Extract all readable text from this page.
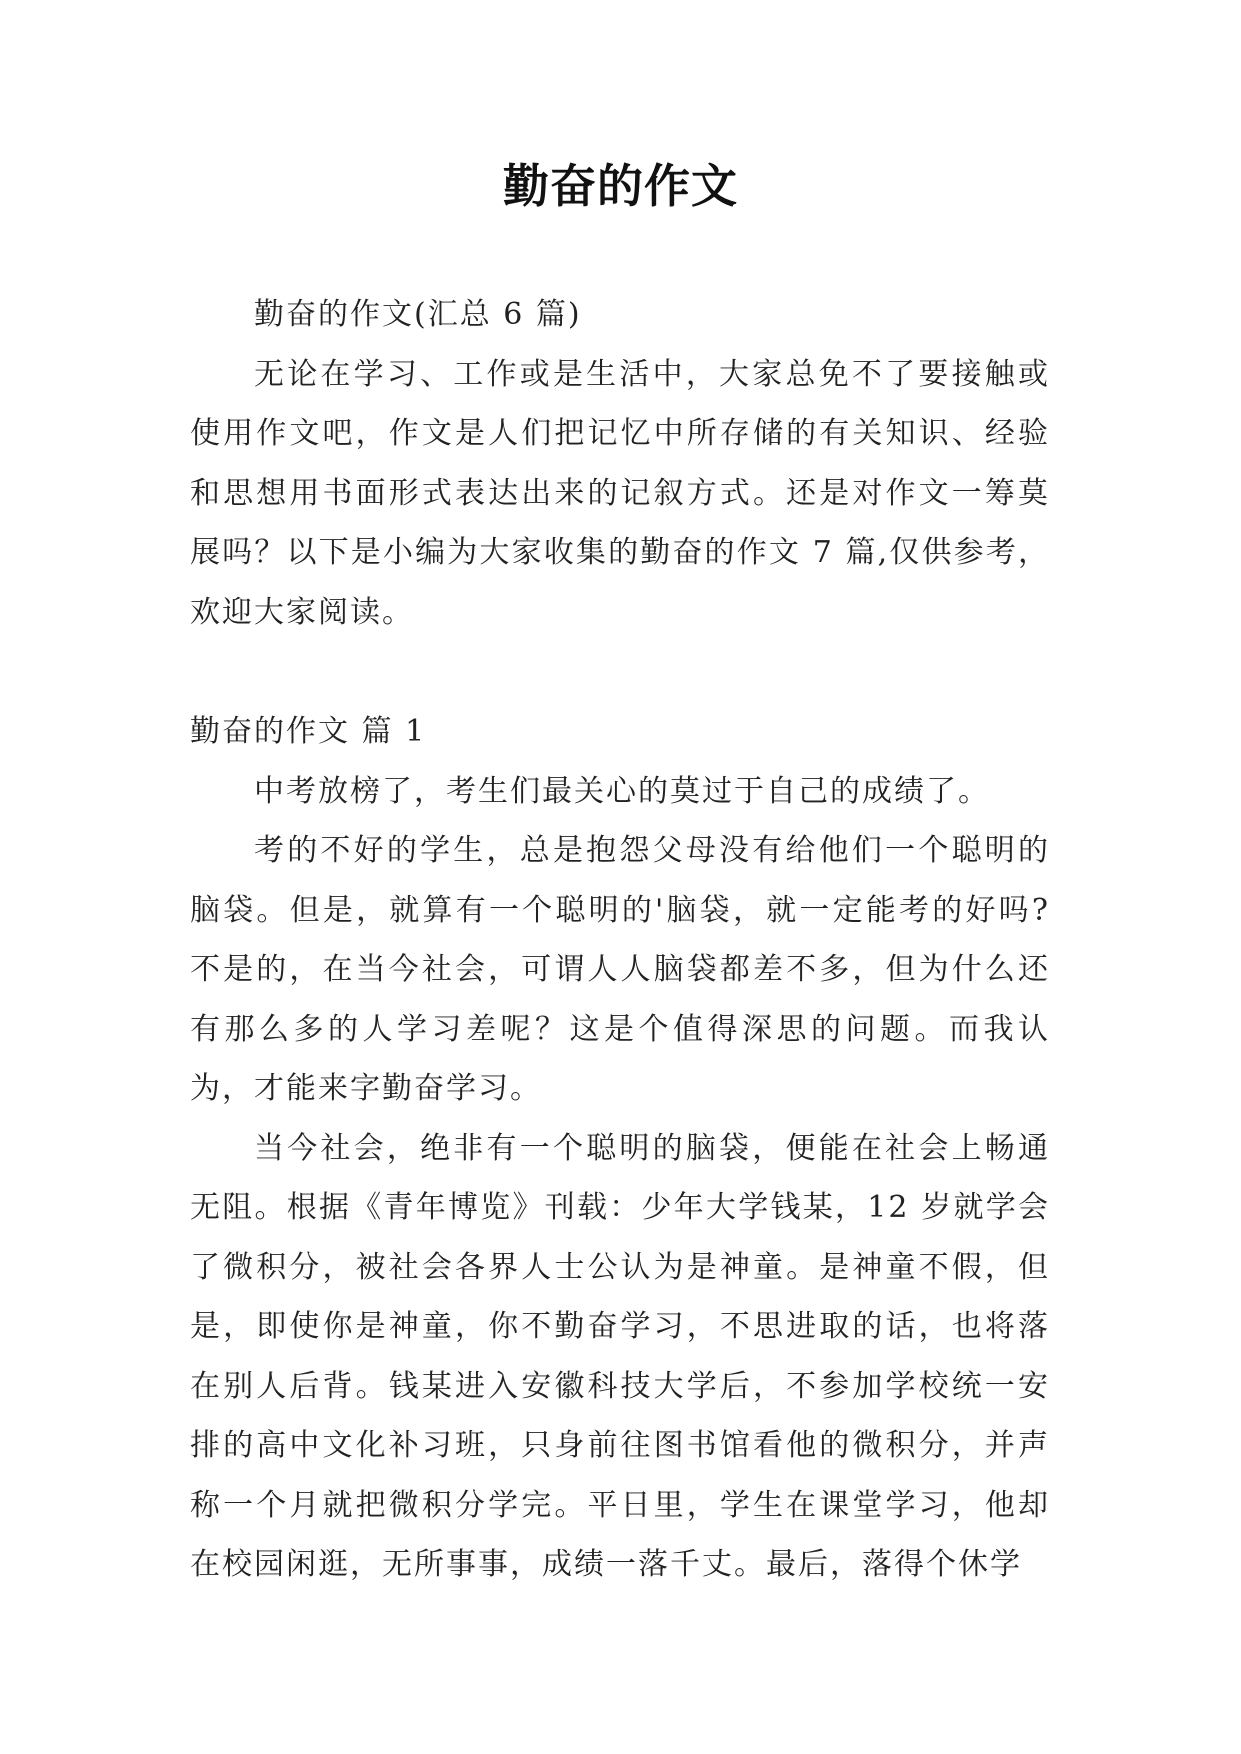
勤奋的作文

勤奋的作文(汇总 6 篇)

无论在学习、工作或是生活中，大家总免不了要接触或使用作文吧，作文是人们把记忆中所存储的有关知识、经验和思想用书面形式表达出来的记叙方式。还是对作文一筹莫展吗？以下是小编为大家收集的勤奋的作文 7 篇,仅供参考，欢迎大家阅读。

勤奋的作文 篇 1

中考放榜了，考生们最关心的莫过于自己的成绩了。

考的不好的学生，总是抱怨父母没有给他们一个聪明的脑袋。但是，就算有一个聪明的'脑袋，就一定能考的好吗?不是的，在当今社会，可谓人人脑袋都差不多，但为什么还有那么多的人学习差呢？这是个值得深思的问题。而我认为，才能来字勤奋学习。

当今社会，绝非有一个聪明的脑袋，便能在社会上畅通无阻。根据《青年博览》刊载：少年大学钱某，12 岁就学会了微积分，被社会各界人士公认为是神童。是神童不假，但是，即使你是神童，你不勤奋学习，不思进取的话，也将落在别人后背。钱某进入安徽科技大学后，不参加学校统一安排的高中文化补习班，只身前往图书馆看他的微积分，并声称一个月就把微积分学完。平日里，学生在课堂学习，他却在校园闲逛，无所事事，成绩一落千丈。最后，落得个休学
